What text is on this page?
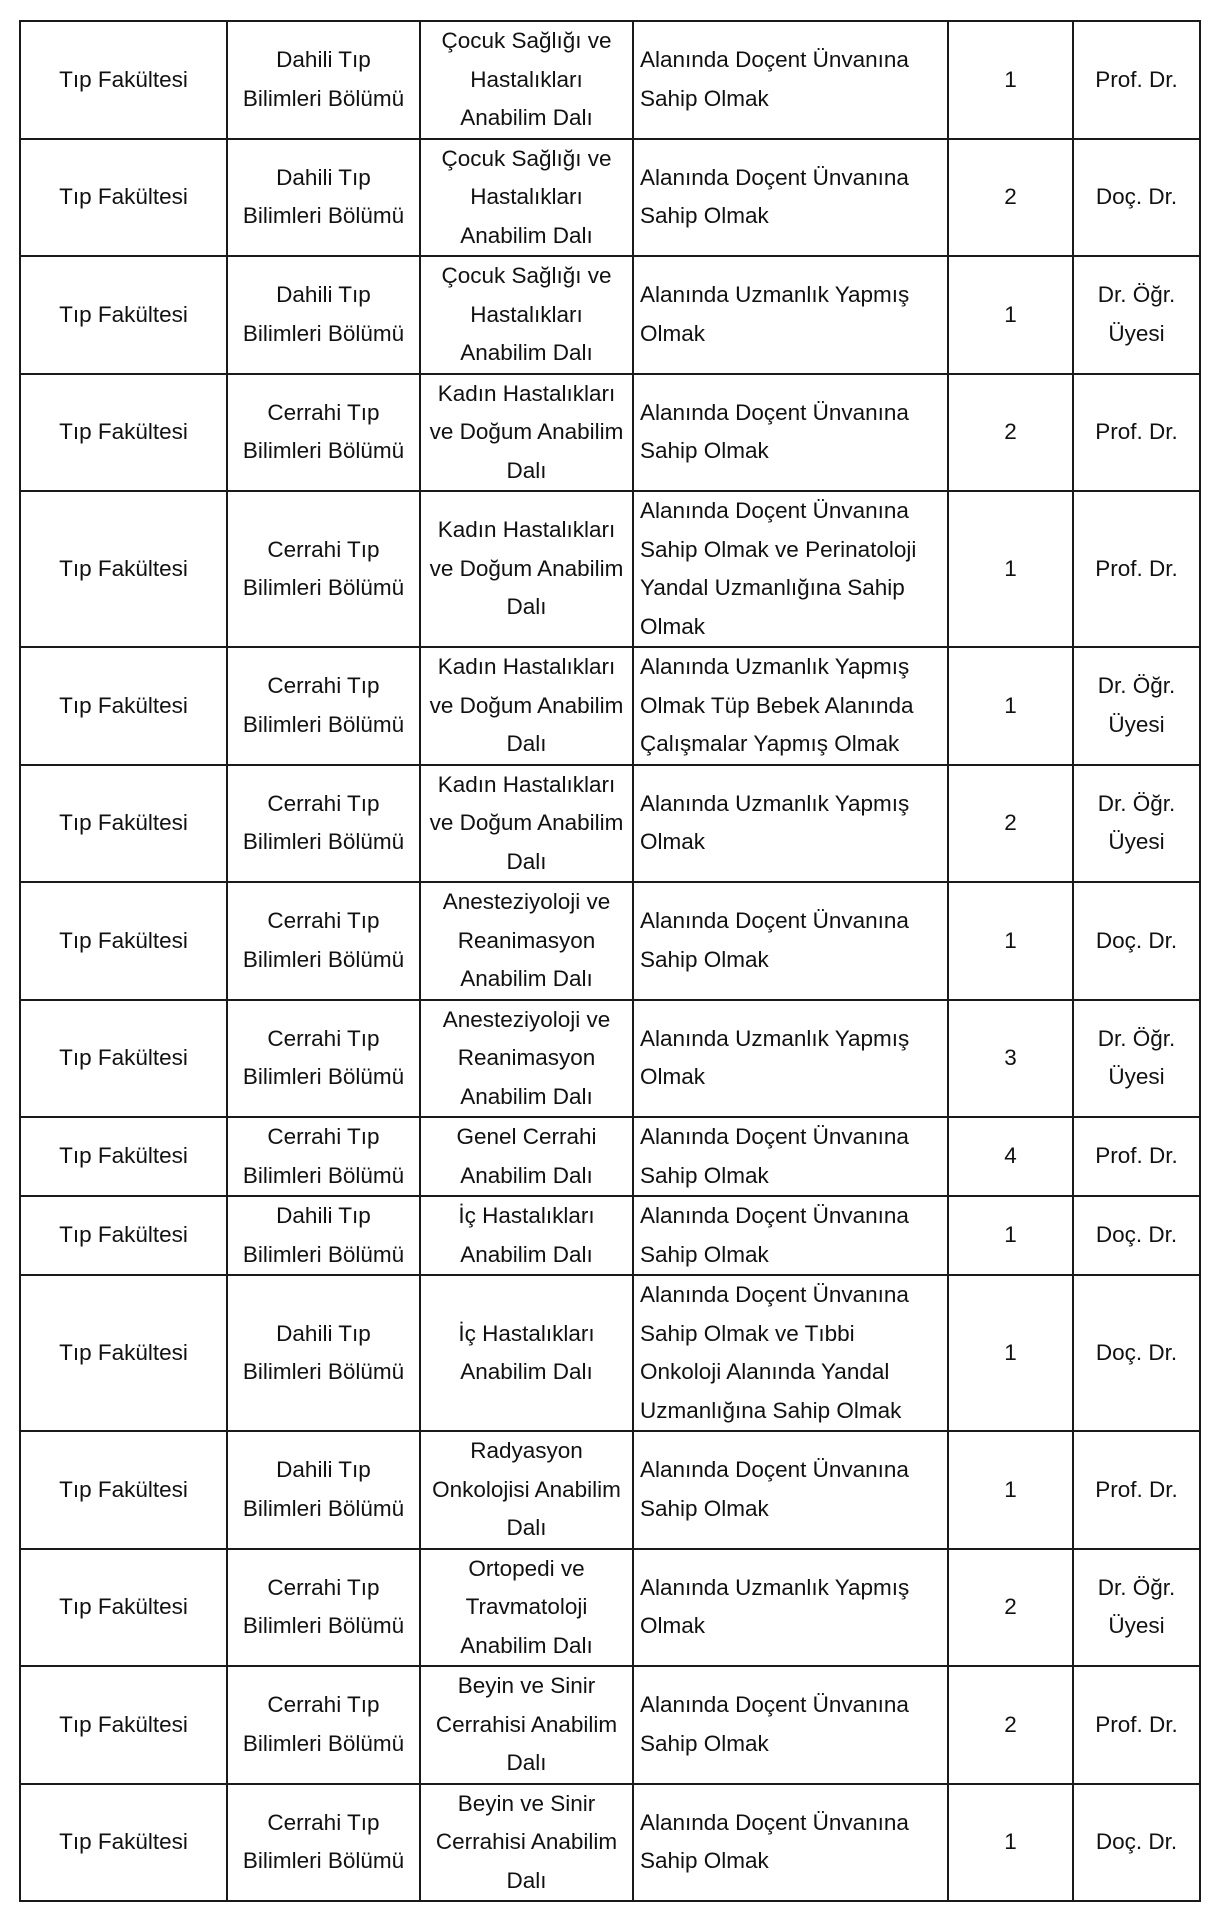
Tıp Fakültesi	Dahili Tıp Bilimleri Bölümü	Çocuk Sağlığı ve Hastalıkları Anabilim Dalı	Alanında Doçent Ünvanına Sahip Olmak	1	Prof. Dr.

Tıp Fakültesi	Dahili Tıp Bilimleri Bölümü	Çocuk Sağlığı ve Hastalıkları Anabilim Dalı	Alanında Doçent Ünvanına Sahip Olmak	2	Doç. Dr.

Tıp Fakültesi	Dahili Tıp Bilimleri Bölümü	Çocuk Sağlığı ve Hastalıkları Anabilim Dalı	Alanında Uzmanlık Yapmış Olmak	1	Dr. Öğr. Üyesi

Tıp Fakültesi	Cerrahi Tıp Bilimleri Bölümü	Kadın Hastalıkları ve Doğum Anabilim Dalı	Alanında Doçent Ünvanına Sahip Olmak	2	Prof. Dr.

Tıp Fakültesi	Cerrahi Tıp Bilimleri Bölümü	Kadın Hastalıkları ve Doğum Anabilim Dalı	Alanında Doçent Ünvanına Sahip Olmak ve Perinatoloji Yandal Uzmanlığına Sahip Olmak	1	Prof. Dr.

Tıp Fakültesi	Cerrahi Tıp Bilimleri Bölümü	Kadın Hastalıkları ve Doğum Anabilim Dalı	Alanında Uzmanlık Yapmış Olmak Tüp Bebek Alanında Çalışmalar Yapmış Olmak	1	Dr. Öğr. Üyesi

Tıp Fakültesi	Cerrahi Tıp Bilimleri Bölümü	Kadın Hastalıkları ve Doğum Anabilim Dalı	Alanında Uzmanlık Yapmış Olmak	2	Dr. Öğr. Üyesi

Tıp Fakültesi	Cerrahi Tıp Bilimleri Bölümü	Anesteziyoloji ve Reanimasyon Anabilim Dalı	Alanında Doçent Ünvanına Sahip Olmak	1	Doç. Dr.

Tıp Fakültesi	Cerrahi Tıp Bilimleri Bölümü	Anesteziyoloji ve Reanimasyon Anabilim Dalı	Alanında Uzmanlık Yapmış Olmak	3	Dr. Öğr. Üyesi

Tıp Fakültesi	Cerrahi Tıp Bilimleri Bölümü	Genel Cerrahi Anabilim Dalı	Alanında Doçent Ünvanına Sahip Olmak	4	Prof. Dr.

Tıp Fakültesi	Dahili Tıp Bilimleri Bölümü	İç Hastalıkları Anabilim Dalı	Alanında Doçent Ünvanına Sahip Olmak	1	Doç. Dr.

Tıp Fakültesi	Dahili Tıp Bilimleri Bölümü	İç Hastalıkları Anabilim Dalı	Alanında Doçent Ünvanına Sahip Olmak ve Tıbbi Onkoloji Alanında Yandal Uzmanlığına Sahip Olmak	1	Doç. Dr.

Tıp Fakültesi	Dahili Tıp Bilimleri Bölümü	Radyasyon Onkolojisi Anabilim Dalı	Alanında Doçent Ünvanına Sahip Olmak	1	Prof. Dr.

Tıp Fakültesi	Cerrahi Tıp Bilimleri Bölümü	Ortopedi ve Travmatoloji Anabilim Dalı	Alanında Uzmanlık Yapmış Olmak	2	Dr. Öğr. Üyesi

Tıp Fakültesi	Cerrahi Tıp Bilimleri Bölümü	Beyin ve Sinir Cerrahisi Anabilim Dalı	Alanında Doçent Ünvanına Sahip Olmak	2	Prof. Dr.

Tıp Fakültesi	Cerrahi Tıp Bilimleri Bölümü	Beyin ve Sinir Cerrahisi Anabilim Dalı	Alanında Doçent Ünvanına Sahip Olmak	1	Doç. Dr.
